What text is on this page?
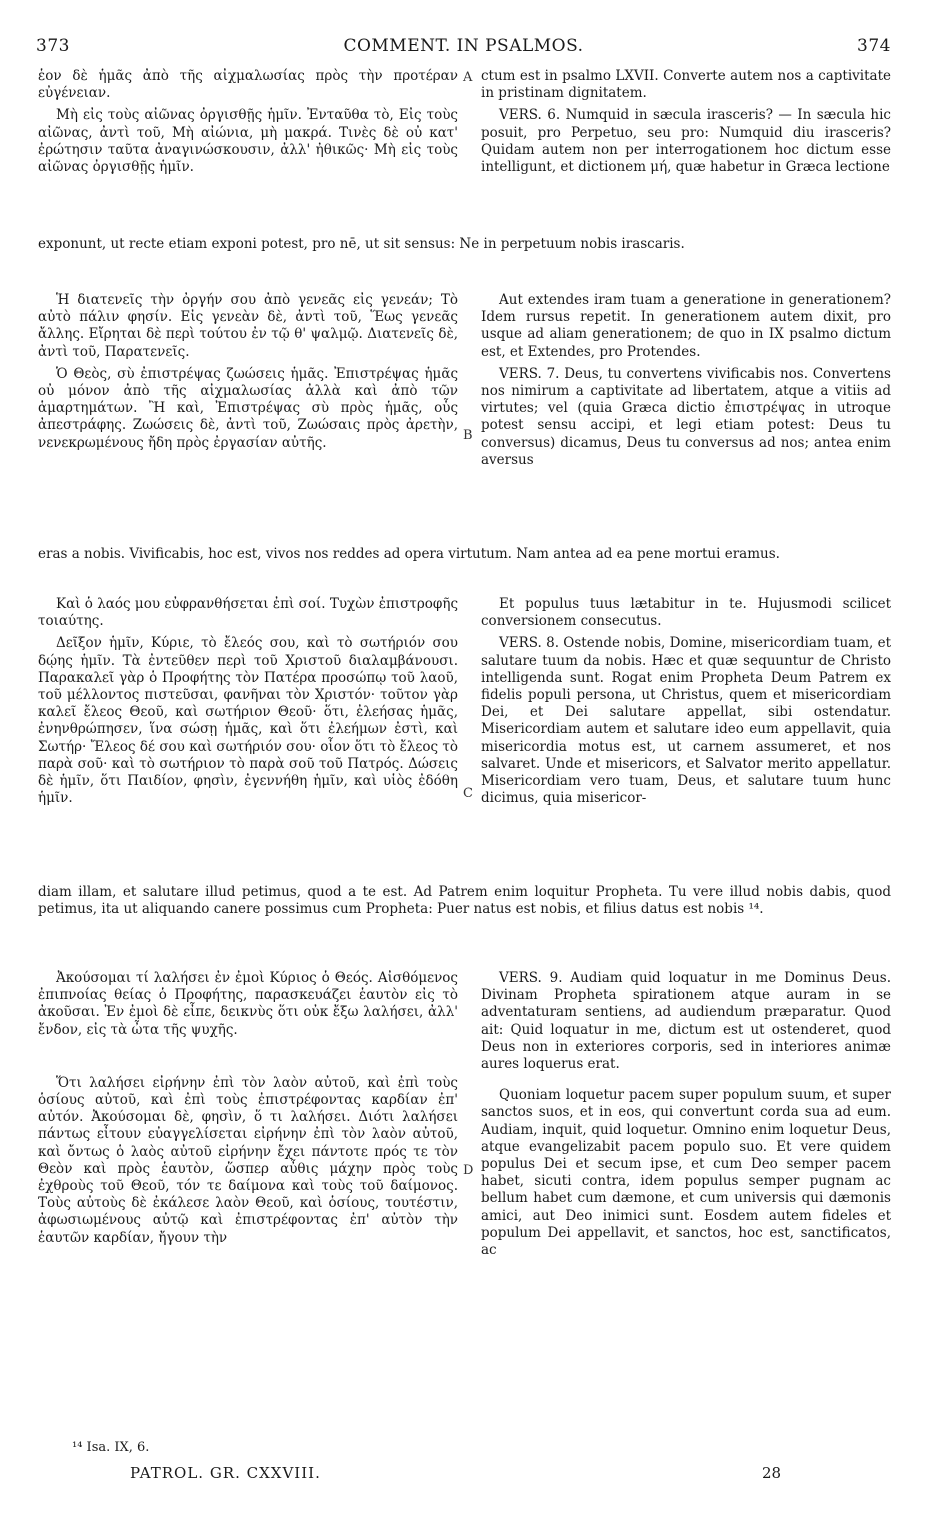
373	COMMENT. IN PSALMOS.	374
A
B
C
D

ἑον δὲ ἡμᾶς ἀπὸ τῆς αἰχμαλωσίας πρὸς τὴν προτέραν εὐγένειαν.

Μὴ εἰς τοὺς αἰῶνας ὀργισθῇς ἡμῖν. Ἐνταῦθα τὸ, Εἰς τοὺς αἰῶνας, ἀντὶ τοῦ, Μὴ αἰώνια, μὴ μακρά. Τινὲς δὲ οὐ κατ' ἐρώτησιν ταῦτα ἀναγινώσκουσιν, ἀλλ' ἠθικῶς· Μὴ εἰς τοὺς αἰῶνας ὀργισθῇς ἡμῖν.

ctum est in psalmo LXVII. Converte autem nos a captivitate in pristinam dignitatem.

VERS. 6. Numquid in sæcula irasceris? — In sæcula hic posuit, pro Perpetuo, seu pro: Numquid diu irasceris? Quidam autem non per interrogationem hoc dictum esse intelligunt, et dictionem μή, quæ habetur in Græca lectione

exponunt, ut recte etiam exponi potest, pro nē, ut sit sensus: Ne in perpetuum nobis irascaris.

Ἡ διατενεῖς τὴν ὀργήν σου ἀπὸ γενεᾶς εἰς γενεάν; Τὸ αὐτὸ πάλιν φησίν. Εἰς γενεὰν δὲ, ἀντὶ τοῦ, Ἕως γενεᾶς ἄλλης. Εἴρηται δὲ περὶ τούτου ἐν τῷ θ' ψαλμῷ. Διατενεῖς δὲ, ἀντὶ τοῦ, Παρατενεῖς.

Ὁ Θεὸς, σὺ ἐπιστρέψας ζωώσεις ἡμᾶς. Ἐπιστρέψας ἡμᾶς οὐ μόνον ἀπὸ τῆς αἰχμαλωσίας ἀλλὰ καὶ ἀπὸ τῶν ἁμαρτημάτων. Ἢ καὶ, Ἐπιστρέψας σὺ πρὸς ἡμᾶς, οὗς ἀπεστράφης. Ζωώσεις δὲ, ἀντὶ τοῦ, Ζωώσαις πρὸς ἀρετὴν, νενεκρωμένους ἤδη πρὸς ἐργασίαν αὐτῆς.

Aut extendes iram tuam a generatione in generationem? Idem rursus repetit. In generationem autem dixit, pro usque ad aliam generationem; de quo in IX psalmo dictum est, et Extendes, pro Protendes.

VERS. 7. Deus, tu convertens vivificabis nos. Convertens nos nimirum a captivitate ad libertatem, atque a vitiis ad virtutes; vel (quia Græca dictio ἐπιστρέψας in utroque potest sensu accipi, et legi etiam potest: Deus tu conversus) dicamus, Deus tu conversus ad nos; antea enim aversus

eras a nobis. Vivificabis, hoc est, vivos nos reddes ad opera virtutum. Nam antea ad ea pene mortui eramus.

Καὶ ὁ λαός μου εὐφρανθήσεται ἐπὶ σοί. Τυχὼν ἐπιστροφῆς τοιαύτης.

Δεῖξον ἡμῖν, Κύριε, τὸ ἔλεός σου, καὶ τὸ σωτήριόν σου δῴης ἡμῖν. Τὰ ἐντεῦθεν περὶ τοῦ Χριστοῦ διαλαμβάνουσι. Παρακαλεῖ γὰρ ὁ Προφήτης τὸν Πατέρα προσώπῳ τοῦ λαοῦ, τοῦ μέλλοντος πιστεῦσαι, φανῆναι τὸν Χριστόν· τοῦτον γὰρ καλεῖ ἔλεος Θεοῦ, καὶ σωτήριον Θεοῦ· ὅτι, ἐλεήσας ἡμᾶς, ἐνηνθρώπησεν, ἵνα σώσῃ ἡμᾶς, καὶ ὅτι ἐλεήμων ἐστὶ, καὶ Σωτήρ· Ἔλεος δέ σου καὶ σωτήριόν σου· οἷον ὅτι τὸ ἔλεος τὸ παρὰ σοῦ· καὶ τὸ σωτήριον τὸ παρὰ σοῦ τοῦ Πατρός. Δώσεις δὲ ἡμῖν, ὅτι Παιδίον, φησὶν, ἐγεννήθη ἡμῖν, καὶ υἱὸς ἐδόθη ἡμῖν.

Et populus tuus lætabitur in te. Hujusmodi scilicet conversionem consecutus.

VERS. 8. Ostende nobis, Domine, misericordiam tuam, et salutare tuum da nobis. Hæc et quæ sequuntur de Christo intelligenda sunt. Rogat enim Propheta Deum Patrem ex fidelis populi persona, ut Christus, quem et misericordiam Dei, et Dei salutare appellat, sibi ostendatur. Misericordiam autem et salutare ideo eum appellavit, quia misericordia motus est, ut carnem assumeret, et nos salvaret. Unde et misericors, et Salvator merito appellatur. Misericordiam vero tuam, Deus, et salutare tuum hunc dicimus, quia misericor-

diam illam, et salutare illud petimus, quod a te est. Ad Patrem enim loquitur Propheta. Tu vere illud nobis dabis, quod petimus, ita ut aliquando canere possimus cum Propheta: Puer natus est nobis, et filius datus est nobis ¹⁴.

Ἀκούσομαι τί λαλήσει ἐν ἐμοὶ Κύριος ὁ Θεός. Αἰσθόμενος ἐπιπνοίας θείας ὁ Προφήτης, παρασκευάζει ἑαυτὸν εἰς τὸ ἀκοῦσαι. Ἐν ἐμοὶ δὲ εἶπε, δεικνὺς ὅτι οὐκ ἔξω λαλήσει, ἀλλ' ἔνδον, εἰς τὰ ὦτα τῆς ψυχῆς.

Ὅτι λαλήσει εἰρήνην ἐπὶ τὸν λαὸν αὐτοῦ, καὶ ἐπὶ τοὺς ὁσίους αὐτοῦ, καὶ ἐπὶ τοὺς ἐπιστρέφοντας καρδίαν ἐπ' αὐτόν. Ἀκούσομαι δὲ, φησὶν, ὅ τι λαλήσει. Διότι λαλήσει πάντως εἶτουν εὐαγγελίσεται εἰρήνην ἐπὶ τὸν λαὸν αὐτοῦ, καὶ ὄντως ὁ λαὸς αὐτοῦ εἰρήνην ἔχει πάντοτε πρός τε τὸν Θεὸν καὶ πρὸς ἑαυτὸν, ὥσπερ αὖθις μάχην πρὸς τοὺς ἐχθροὺς τοῦ Θεοῦ, τόν τε δαίμονα καὶ τοὺς τοῦ δαίμονος. Τοὺς αὐτοὺς δὲ ἐκάλεσε λαὸν Θεοῦ, καὶ ὁσίους, τουτέστιν, ἀφωσιωμένους αὐτῷ καὶ ἐπιστρέφοντας ἐπ' αὐτὸν τὴν ἑαυτῶν καρδίαν, ἤγουν τὴν

VERS. 9. Audiam quid loquatur in me Dominus Deus. Divinam Propheta spirationem atque auram in se adventaturam sentiens, ad audiendum præparatur. Quod ait: Quid loquatur in me, dictum est ut ostenderet, quod Deus non in exteriores corporis, sed in interiores animæ aures loquerus erat.

Quoniam loquetur pacem super populum suum, et super sanctos suos, et in eos, qui convertunt corda sua ad eum. Audiam, inquit, quid loquetur. Omnino enim loquetur Deus, atque evangelizabit pacem populo suo. Et vere quidem populus Dei et secum ipse, et cum Deo semper pacem habet, sicuti contra, idem populus semper pugnam ac bellum habet cum dæmone, et cum universis qui dæmonis amici, aut Deo inimici sunt. Eosdem autem fideles et populum Dei appellavit, et sanctos, hoc est, sanctificatos, ac

¹⁴ Isa. IX, 6.
PATROL. GR. CXXVIII.	28
